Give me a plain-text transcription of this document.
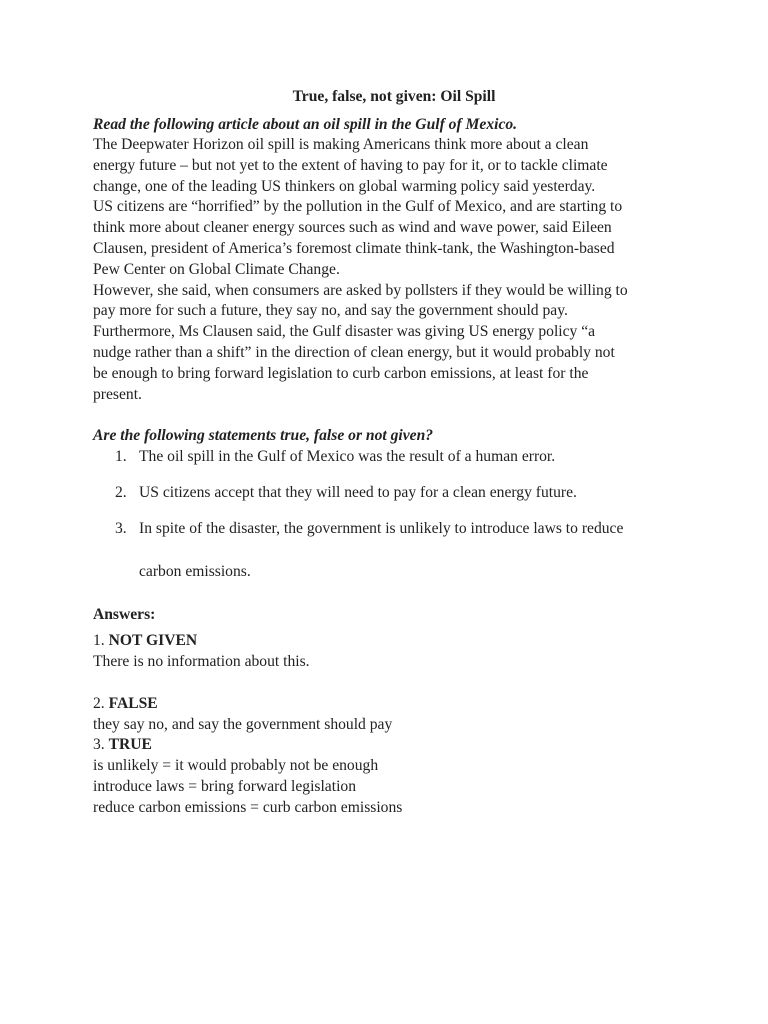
True, false, not given: Oil Spill
Read the following article about an oil spill in the Gulf of Mexico.
The Deepwater Horizon oil spill is making Americans think more about a clean
energy future – but not yet to the extent of having to pay for it, or to tackle climate
change, one of the leading US thinkers on global warming policy said yesterday.
US citizens are “horrified” by the pollution in the Gulf of Mexico, and are starting to
think more about cleaner energy sources such as wind and wave power, said Eileen
Clausen, president of America’s foremost climate think-tank, the Washington-based
Pew Center on Global Climate Change.
However, she said, when consumers are asked by pollsters if they would be willing to
pay more for such a future, they say no, and say the government should pay.
Furthermore, Ms Clausen said, the Gulf disaster was giving US energy policy “a
nudge rather than a shift” in the direction of clean energy, but it would probably not
be enough to bring forward legislation to curb carbon emissions, at least for the
present.
Are the following statements true, false or not given?
1. The oil spill in the Gulf of Mexico was the result of a human error.
2. US citizens accept that they will need to pay for a clean energy future.
3. In spite of the disaster, the government is unlikely to introduce laws to reduce
carbon emissions.
Answers:
1. NOT GIVEN
There is no information about this.
2. FALSE
they say no, and say the government should pay
3. TRUE
is unlikely = it would probably not be enough
introduce laws = bring forward legislation
reduce carbon emissions = curb carbon emissions
